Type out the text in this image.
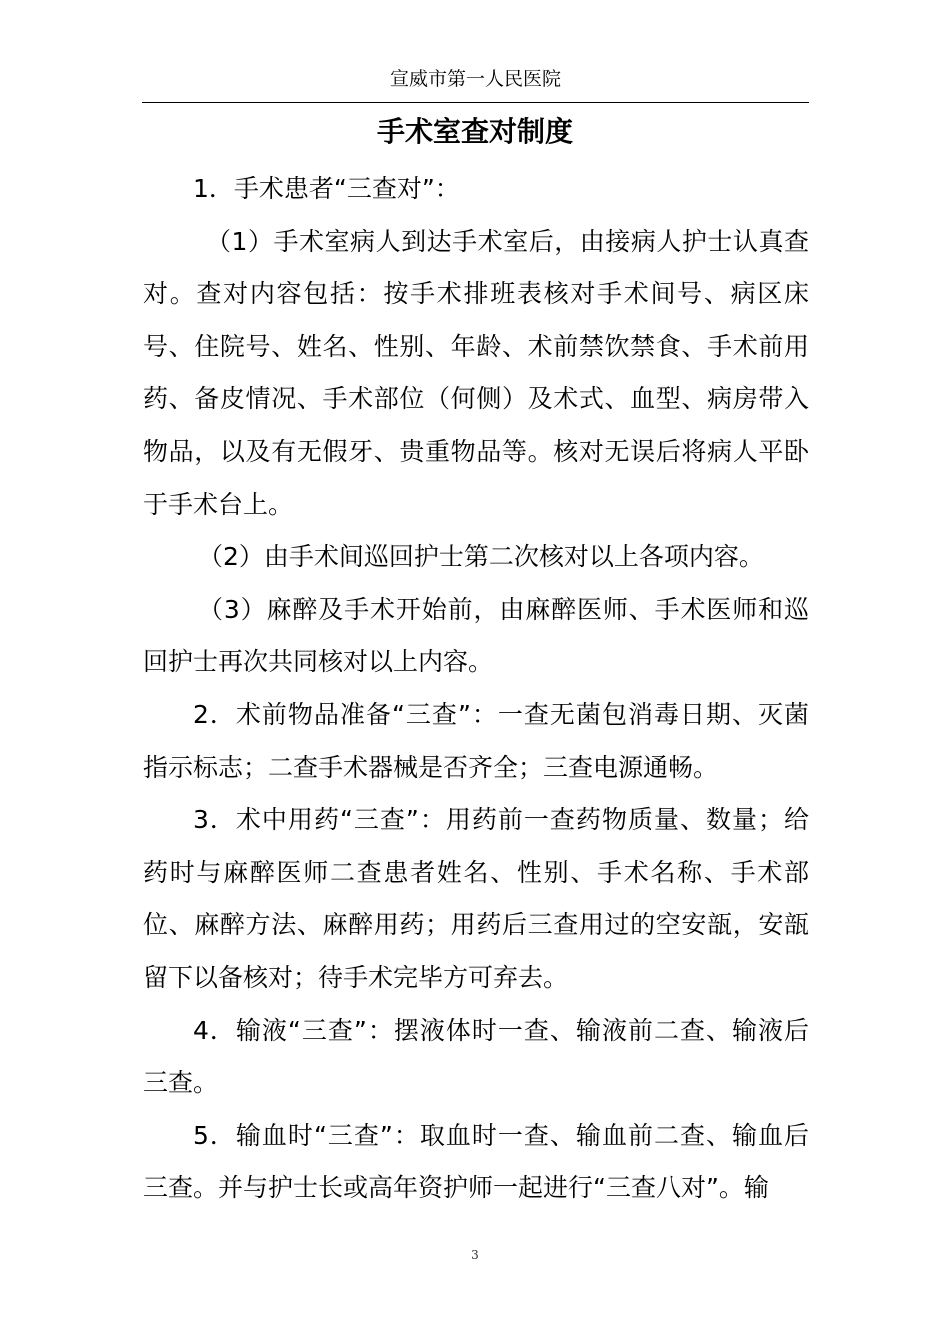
宣威市第一人民医院
手术室查对制度

1．手术患者“三查对”：

（1）手术室病人到达手术室后，由接病人护士认真查对。查对内容包括：按手术排班表核对手术间号、病区床号、住院号、姓名、性别、年龄、术前禁饮禁食、手术前用药、备皮情况、手术部位（何侧）及术式、血型、病房带入物品，以及有无假牙、贵重物品等。核对无误后将病人平卧于手术台上。

（2）由手术间巡回护士第二次核对以上各项内容。

（3）麻醉及手术开始前，由麻醉医师、手术医师和巡回护士再次共同核对以上内容。

2．术前物品准备“三查”：一查无菌包消毒日期、灭菌指示标志；二查手术器械是否齐全；三查电源通畅。

3．术中用药“三查”：用药前一查药物质量、数量；给药时与麻醉医师二查患者姓名、性别、手术名称、手术部位、麻醉方法、麻醉用药；用药后三查用过的空安瓿，安瓿留下以备核对；待手术完毕方可弃去。

4．输液“三查”：摆液体时一查、输液前二查、输液后三查。

5．输血时“三查”：取血时一查、输血前二查、输血后三查。并与护士长或高年资护师一起进行“三查八对”。输

3
